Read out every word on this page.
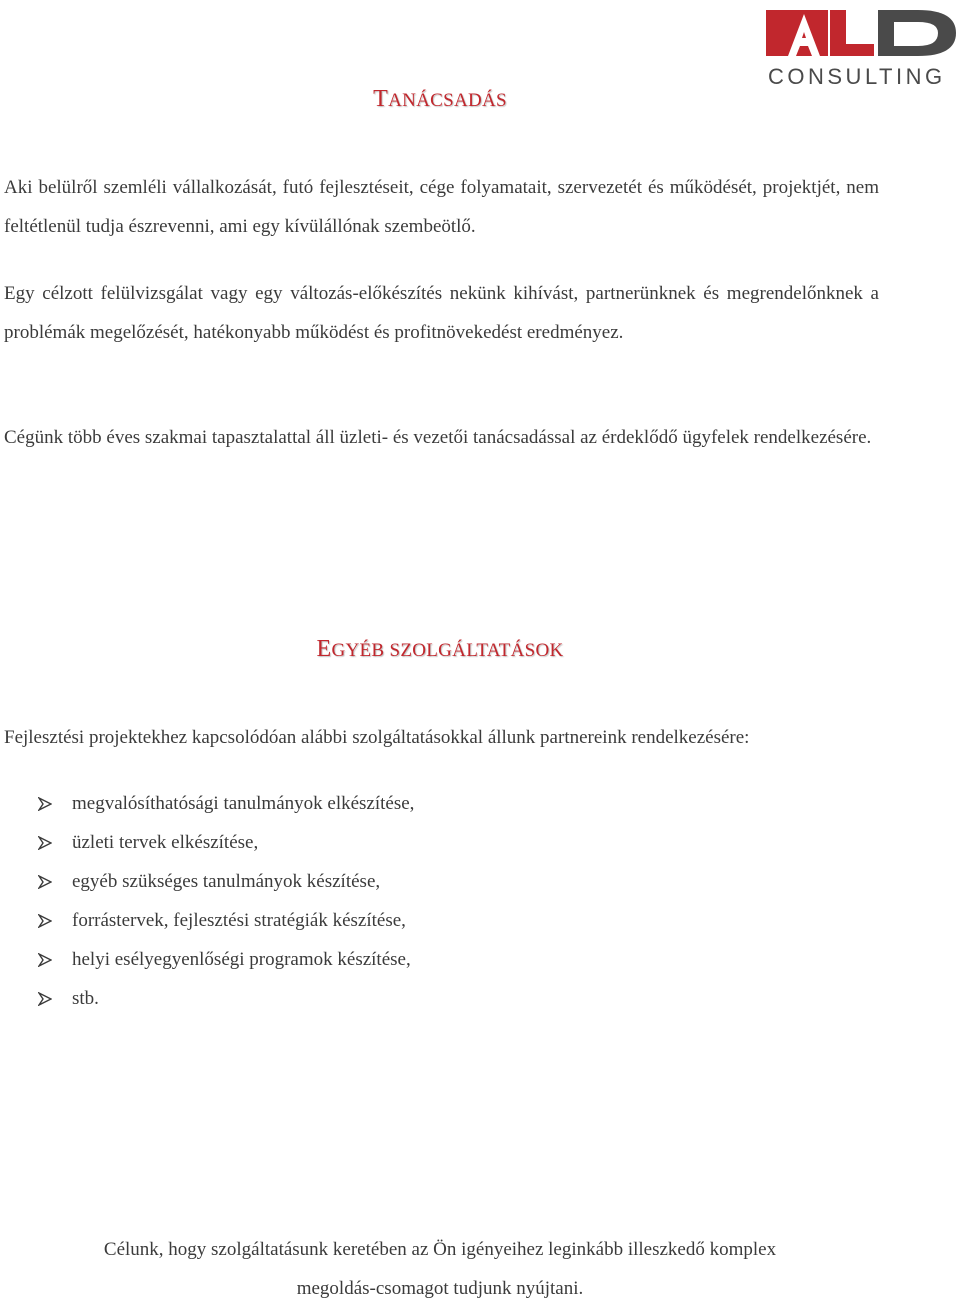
CONSULTING
TANÁCSADÁS

Aki belülről szemléli vállalkozását, futó fejlesztéseit, cége folyamatait, szervezetét és működését, projektjét, nem feltétlenül tudja észrevenni, ami egy kívülállónak szembeötlő.

Egy célzott felülvizsgálat vagy egy változás-előkészítés nekünk kihívást, partnerünknek és megrendelőnknek a problémák megelőzését, hatékonyabb működést és profitnövekedést eredményez.

Cégünk több éves szakmai tapasztalattal áll üzleti- és vezetői tanácsadással az érdeklődő ügyfelek rendelkezésére.

EGYÉB SZOLGÁLTATÁSOK

Fejlesztési projektekhez kapcsolódóan alábbi szolgáltatásokkal állunk partnereink rendelkezésére:

megvalósíthatósági tanulmányok elkészítése,
üzleti tervek elkészítése,
egyéb szükséges tanulmányok készítése,
forrástervek, fejlesztési stratégiák készítése,
helyi esélyegyenlőségi programok készítése,
stb.

Célunk, hogy szolgáltatásunk keretében az Ön igényeihez leginkább illeszkedő komplex

megoldás-csomagot tudjunk nyújtani.
